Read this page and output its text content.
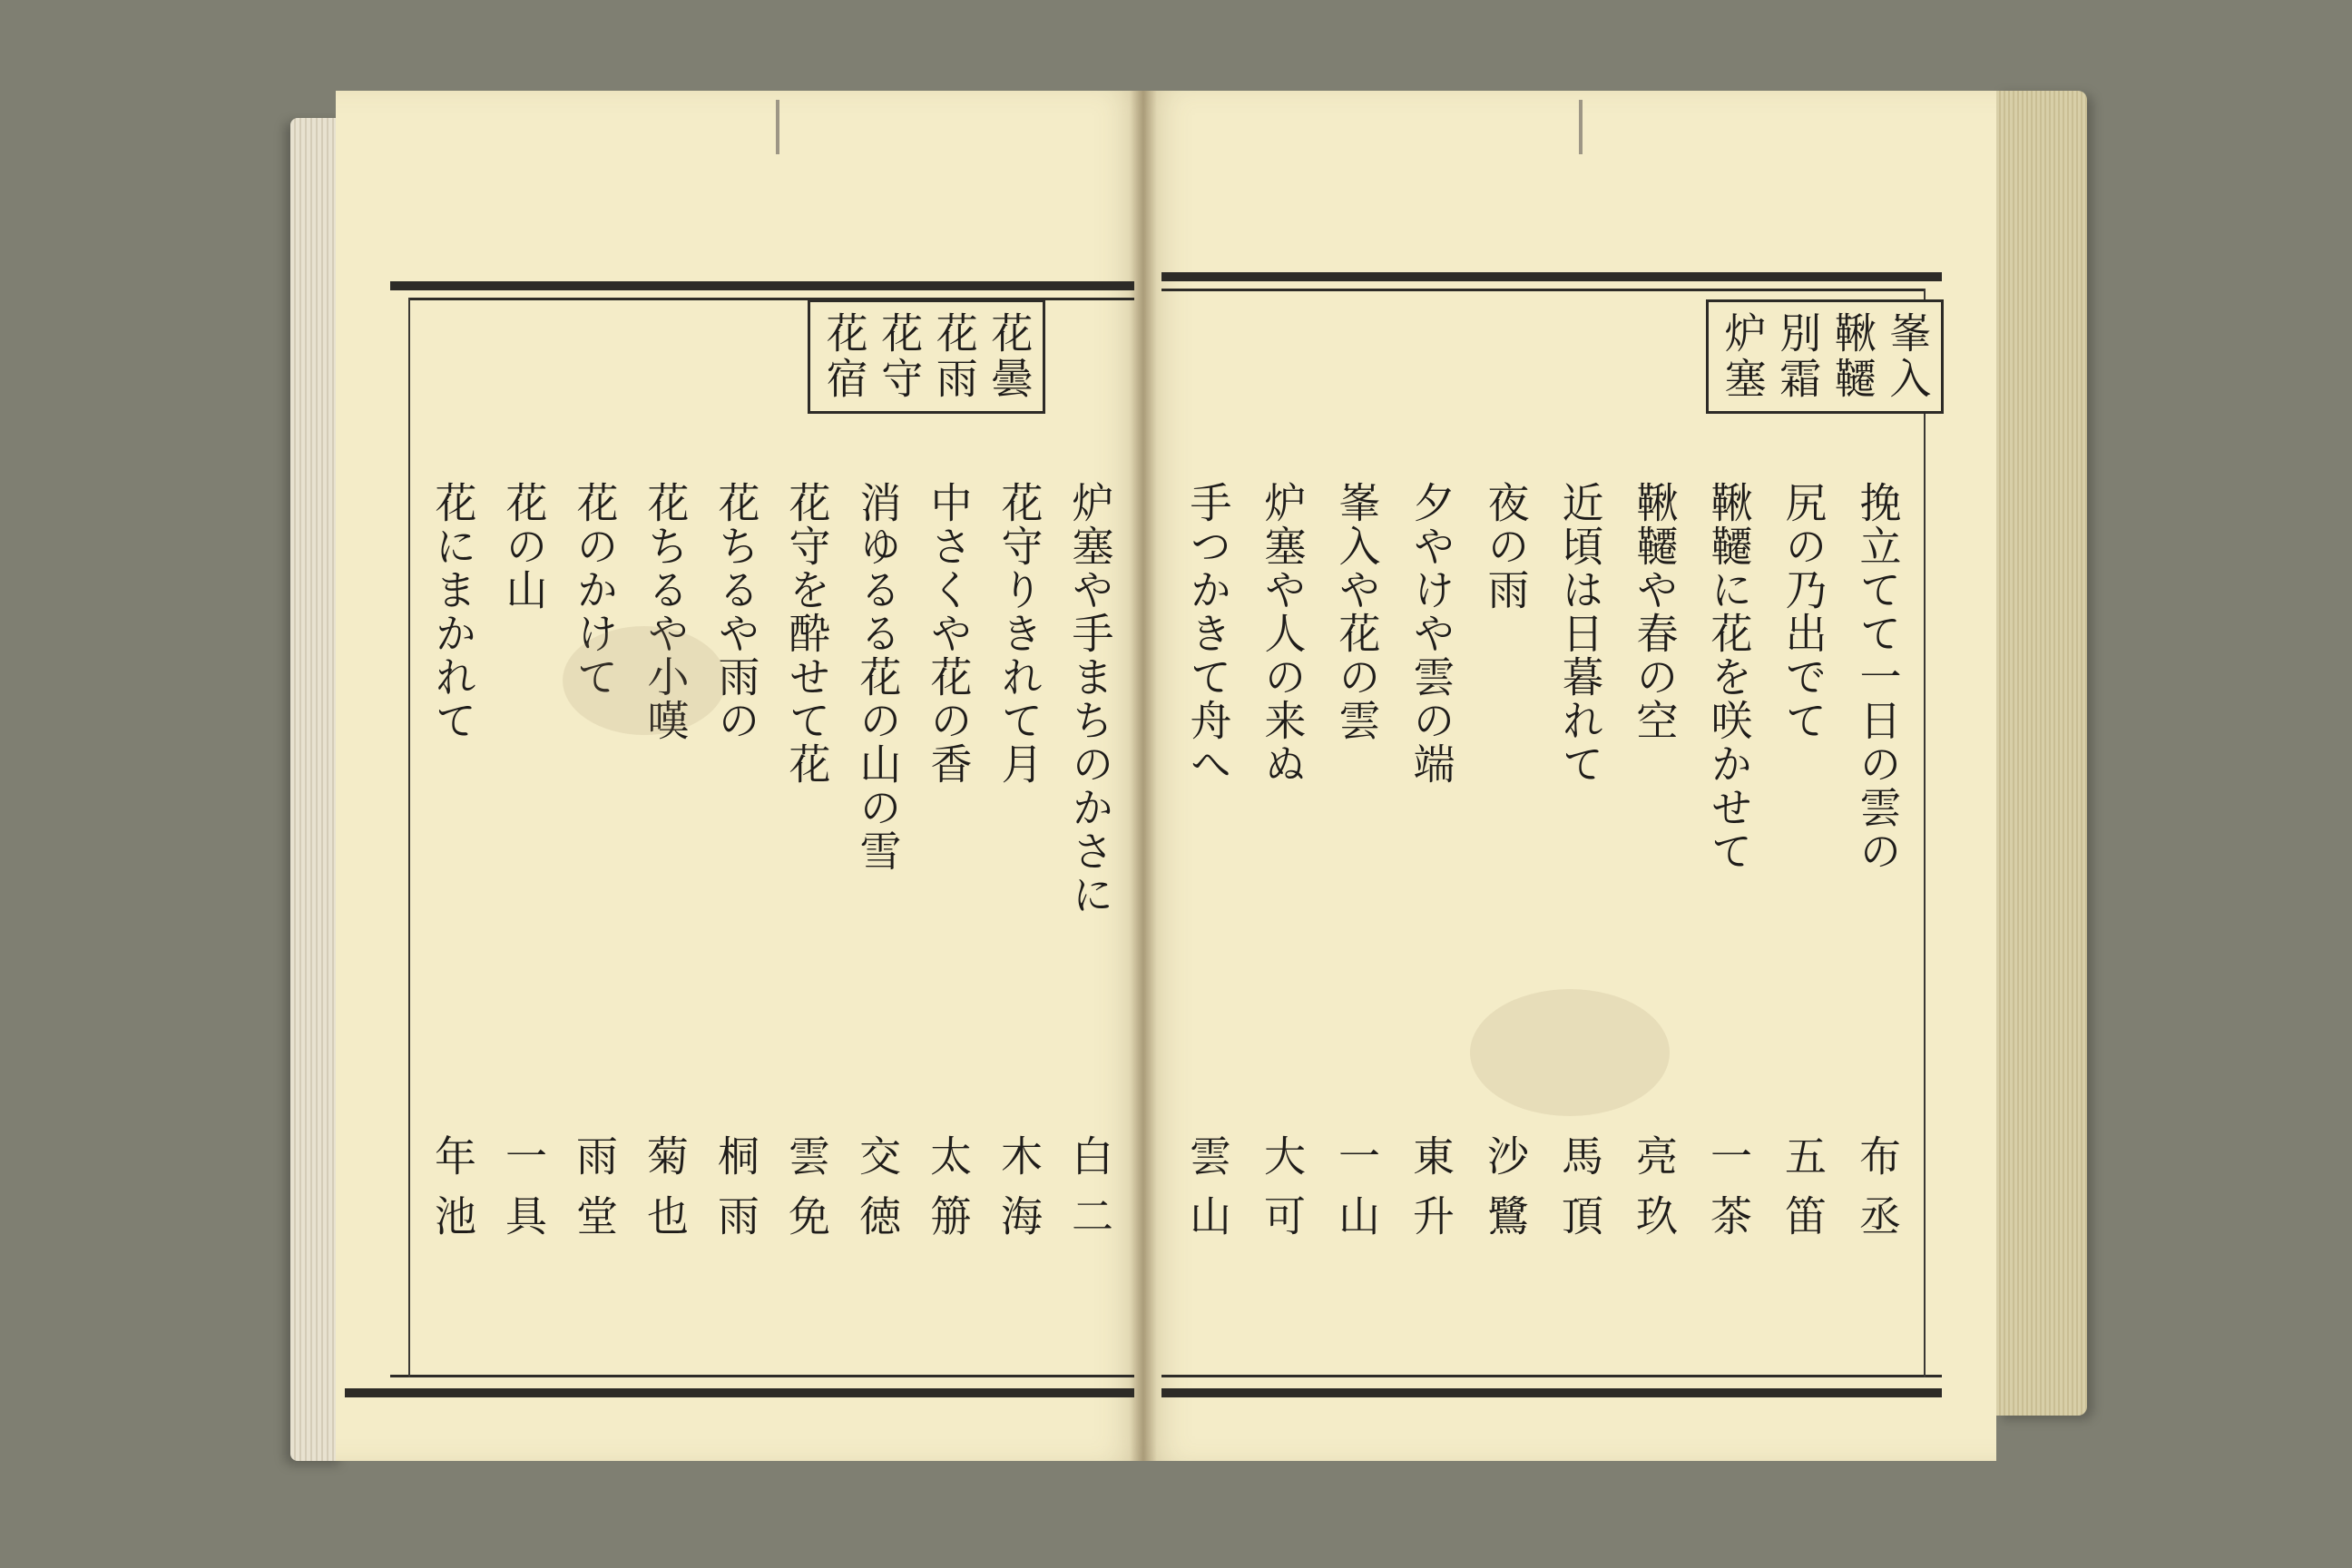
峯入
鞦韆
別霜
炉塞
花曇
花雨
花守
花宿
挽立てて一日の雲の
布丞
尻の乃出でて
五笛
鞦韆に花を咲かせて
一茶
鞦韆や春の空
亮玖
近頃は日暮れて
馬頂
夜の雨
沙鷺
夕やけや雲の端
東升
峯入や花の雲
一山
炉塞や人の来ぬ
大可
手つかきて舟へ
雲山
炉塞や手まちのかさに
白二
花守りきれて月
木海
中さくや花の香
太笧
消ゆるる花の山の雪
交徳
花守を酔せて花
雲免
花ちるや雨の
桐雨
花ちるや小嘆
菊也
花のかけて
雨堂
花の山
一具
花にまかれて
年池
